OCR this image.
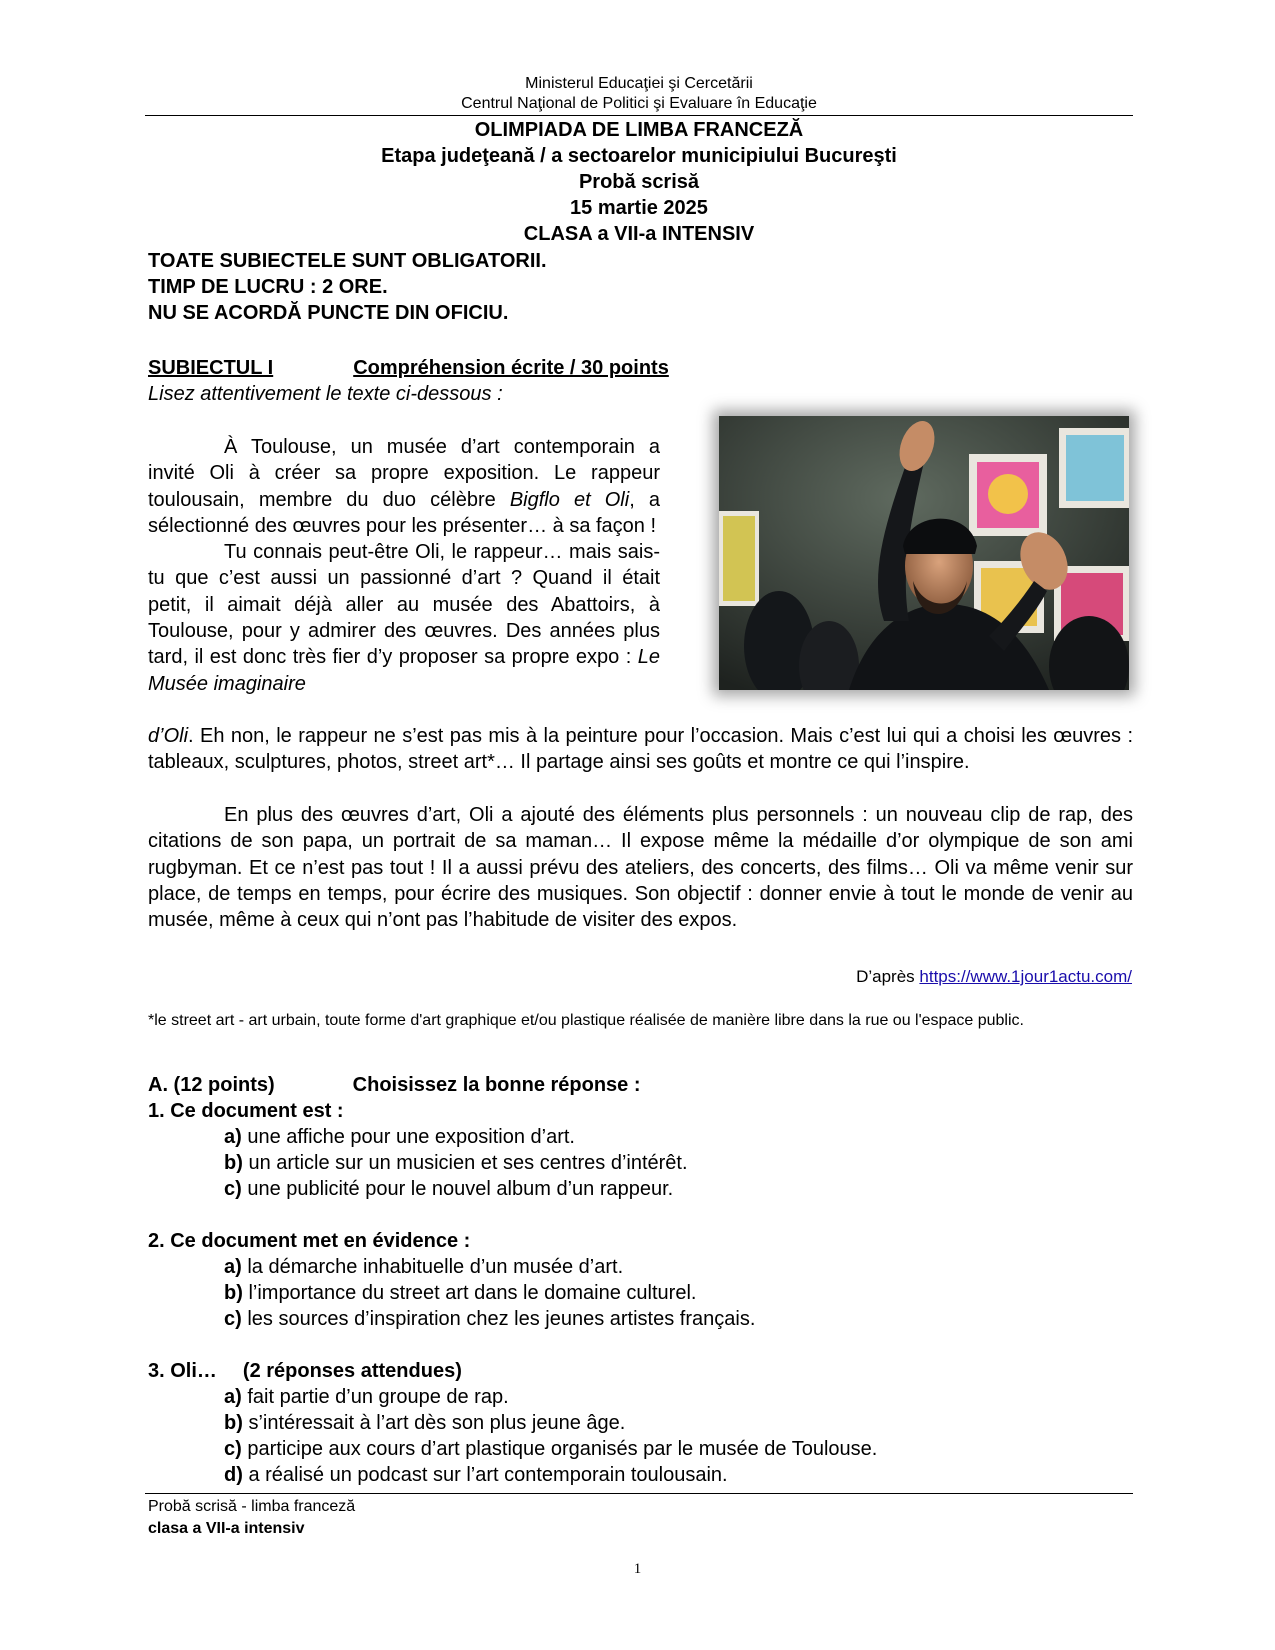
Ministerul Educaţiei şi Cercetării
Centrul Naţional de Politici şi Evaluare în Educaţie
OLIMPIADA DE LIMBA FRANCEZĂ
Etapa judeţeană / a sectoarelor municipiului Bucureşti
Probă scrisă
15 martie 2025
CLASA a VII-a INTENSIV
TOATE SUBIECTELE SUNT OBLIGATORII.
TIMP DE LUCRU : 2 ORE.
NU SE ACORDĂ PUNCTE DIN OFICIU.
SUBIECTUL I	Compréhension écrite / 30 points
Lisez attentivement le texte ci-dessous :

À Toulouse, un musée d’art contemporain a invité Oli à créer sa propre exposition. Le rappeur toulousain, membre du duo célèbre Bigflo et Oli, a sélectionné des œuvres pour les présenter… à sa façon !

Tu connais peut-être Oli, le rappeur… mais sais-tu que c’est aussi un passionné d’art ? Quand il était petit, il aimait déjà aller au musée des Abattoirs, à Toulouse, pour y admirer des œuvres. Des années plus tard, il est donc très fier d’y proposer sa propre expo : Le Musée imaginaire

d’Oli. Eh non, le rappeur ne s’est pas mis à la peinture pour l’occasion. Mais c’est lui qui a choisi les œuvres : tableaux, sculptures, photos, street art*… Il partage ainsi ses goûts et montre ce qui l’inspire.

En plus des œuvres d’art, Oli a ajouté des éléments plus personnels : un nouveau clip de rap, des citations de son papa, un portrait de sa maman… Il expose même la médaille d’or olympique de son ami rugbyman. Et ce n’est pas tout ! Il a aussi prévu des ateliers, des concerts, des films… Oli va même venir sur place, de temps en temps, pour écrire des musiques. Son objectif : donner envie à tout le monde de venir au musée, même à ceux qui n’ont pas l’habitude de visiter des expos.

D’après https://www.1jour1actu.com/
*le street art - art urbain, toute forme d'art graphique et/ou plastique réalisée de manière libre dans la rue ou l'espace public.
A. (12 points)	Choisissez la bonne réponse :
1. Ce document est :
a) une affiche pour une exposition d’art.
b) un article sur un musicien et ses centres d’intérêt.
c) une publicité pour le nouvel album d’un rappeur.
2. Ce document met en évidence :
a) la démarche inhabituelle d’un musée d’art.
b) l’importance du street art dans le domaine culturel.
c) les sources d’inspiration chez les jeunes artistes français.
3. Oli… (2 réponses attendues)
a) fait partie d’un groupe de rap.
b) s’intéressait à l’art dès son plus jeune âge.
c) participe aux cours d’art plastique organisés par le musée de Toulouse.
d) a réalisé un podcast sur l’art contemporain toulousain.
Probă scrisă - limba franceză
clasa a VII-a intensiv
1
